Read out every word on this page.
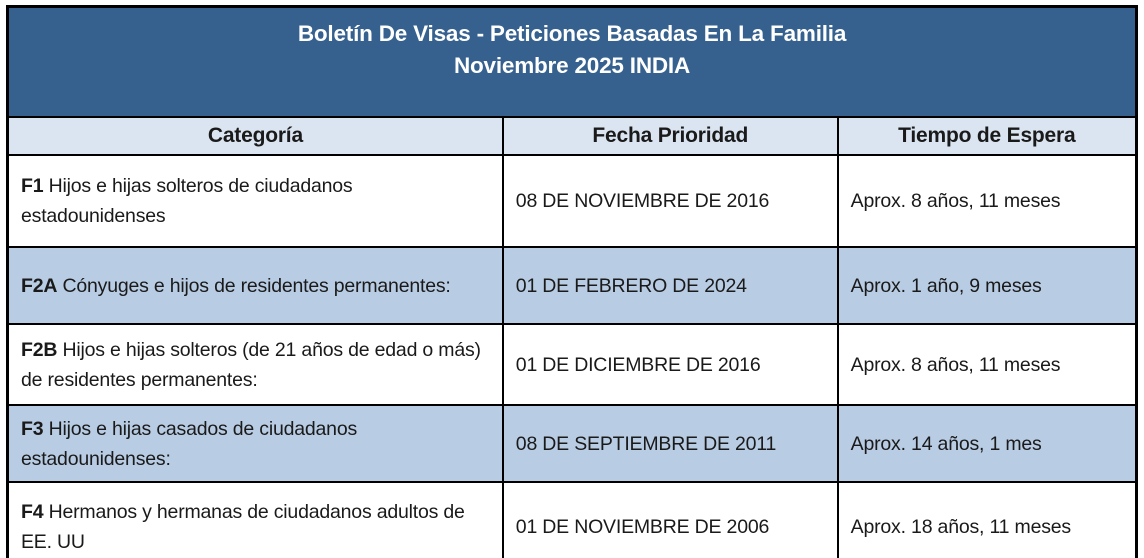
Boletín De Visas - Peticiones Basadas En La Familia
Noviembre 2025 INDIA		

Categoría	Fecha Prioridad	Tiempo de Espera
F1 Hijos e hijas solteros de ciudadanos estadounidenses	08 DE NOVIEMBRE DE 2016	Aprox. 8 años, 11 meses
F2A Cónyuges e hijos de residentes permanentes:	01 DE FEBRERO DE 2024	Aprox. 1 año, 9 meses
F2B Hijos e hijas solteros (de 21 años de edad o más) de residentes permanentes:	01 DE DICIEMBRE DE 2016	Aprox. 8 años, 11 meses
F3 Hijos e hijas casados de ciudadanos estadounidenses:	08 DE SEPTIEMBRE DE 2011	Aprox. 14 años, 1 mes
F4 Hermanos y hermanas de ciudadanos adultos de EE. UU	01 DE NOVIEMBRE DE 2006	Aprox. 18 años, 11 meses
